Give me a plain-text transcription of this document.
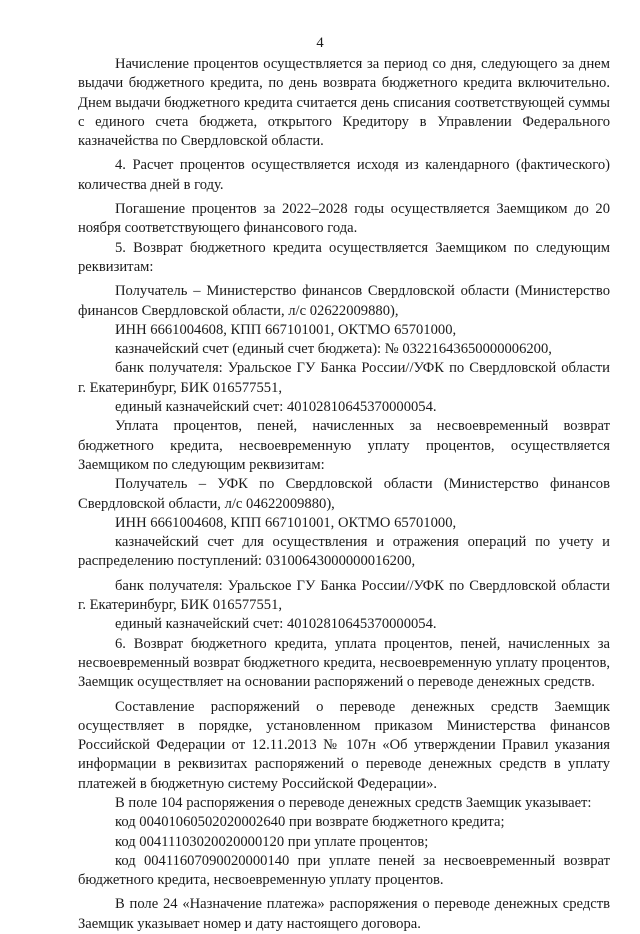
4

Начисление процентов осуществляется за период со дня, следующего за днем выдачи бюджетного кредита, по день возврата бюджетного кредита включительно. Днем выдачи бюджетного кредита считается день списания соответствующей суммы с единого счета бюджета, открытого Кредитору в Управлении Федерального казначейства по Свердловской области.

4. Расчет процентов осуществляется исходя из календарного (фактического) количества дней в году.

Погашение процентов за 2022–2028 годы осуществляется Заемщиком до 20 ноября соответствующего финансового года.

5. Возврат бюджетного кредита осуществляется Заемщиком по следующим реквизитам:

Получатель – Министерство финансов Свердловской области (Министерство финансов Свердловской области, л/с 02622009880),

ИНН 6661004608, КПП 667101001, ОКТМО 65701000,

казначейский счет (единый счет бюджета): № 03221643650000006200,

банк получателя: Уральское ГУ Банка России//УФК по Свердловской области г. Екатеринбург, БИК 016577551,

единый казначейский счет: 40102810645370000054.

Уплата процентов, пеней, начисленных за несвоевременный возврат бюджетного кредита, несвоевременную уплату процентов, осуществляется Заемщиком по следующим реквизитам:

Получатель – УФК по Свердловской области (Министерство финансов Свердловской области, л/с 04622009880),

ИНН 6661004608, КПП 667101001, ОКТМО 65701000,

казначейский счет для осуществления и отражения операций по учету и распределению поступлений: 03100643000000016200,

банк получателя: Уральское ГУ Банка России//УФК по Свердловской области г. Екатеринбург, БИК 016577551,

единый казначейский счет: 40102810645370000054.

6. Возврат бюджетного кредита, уплата процентов, пеней, начисленных за несвоевременный возврат бюджетного кредита, несвоевременную уплату процентов, Заемщик осуществляет на основании распоряжений о переводе денежных средств.

Составление распоряжений о переводе денежных средств Заемщик осуществляет в порядке, установленном приказом Министерства финансов Российской Федерации от 12.11.2013 № 107н «Об утверждении Правил указания информации в реквизитах распоряжений о переводе денежных средств в уплату платежей в бюджетную систему Российской Федерации».

В поле 104 распоряжения о переводе денежных средств Заемщик указывает:

код 00401060502020002640 при возврате бюджетного кредита;

код 00411103020020000120 при уплате процентов;

код 00411607090020000140 при уплате пеней за несвоевременный возврат бюджетного кредита, несвоевременную уплату процентов.

В поле 24 «Назначение платежа» распоряжения о переводе денежных средств Заемщик указывает номер и дату настоящего договора.
